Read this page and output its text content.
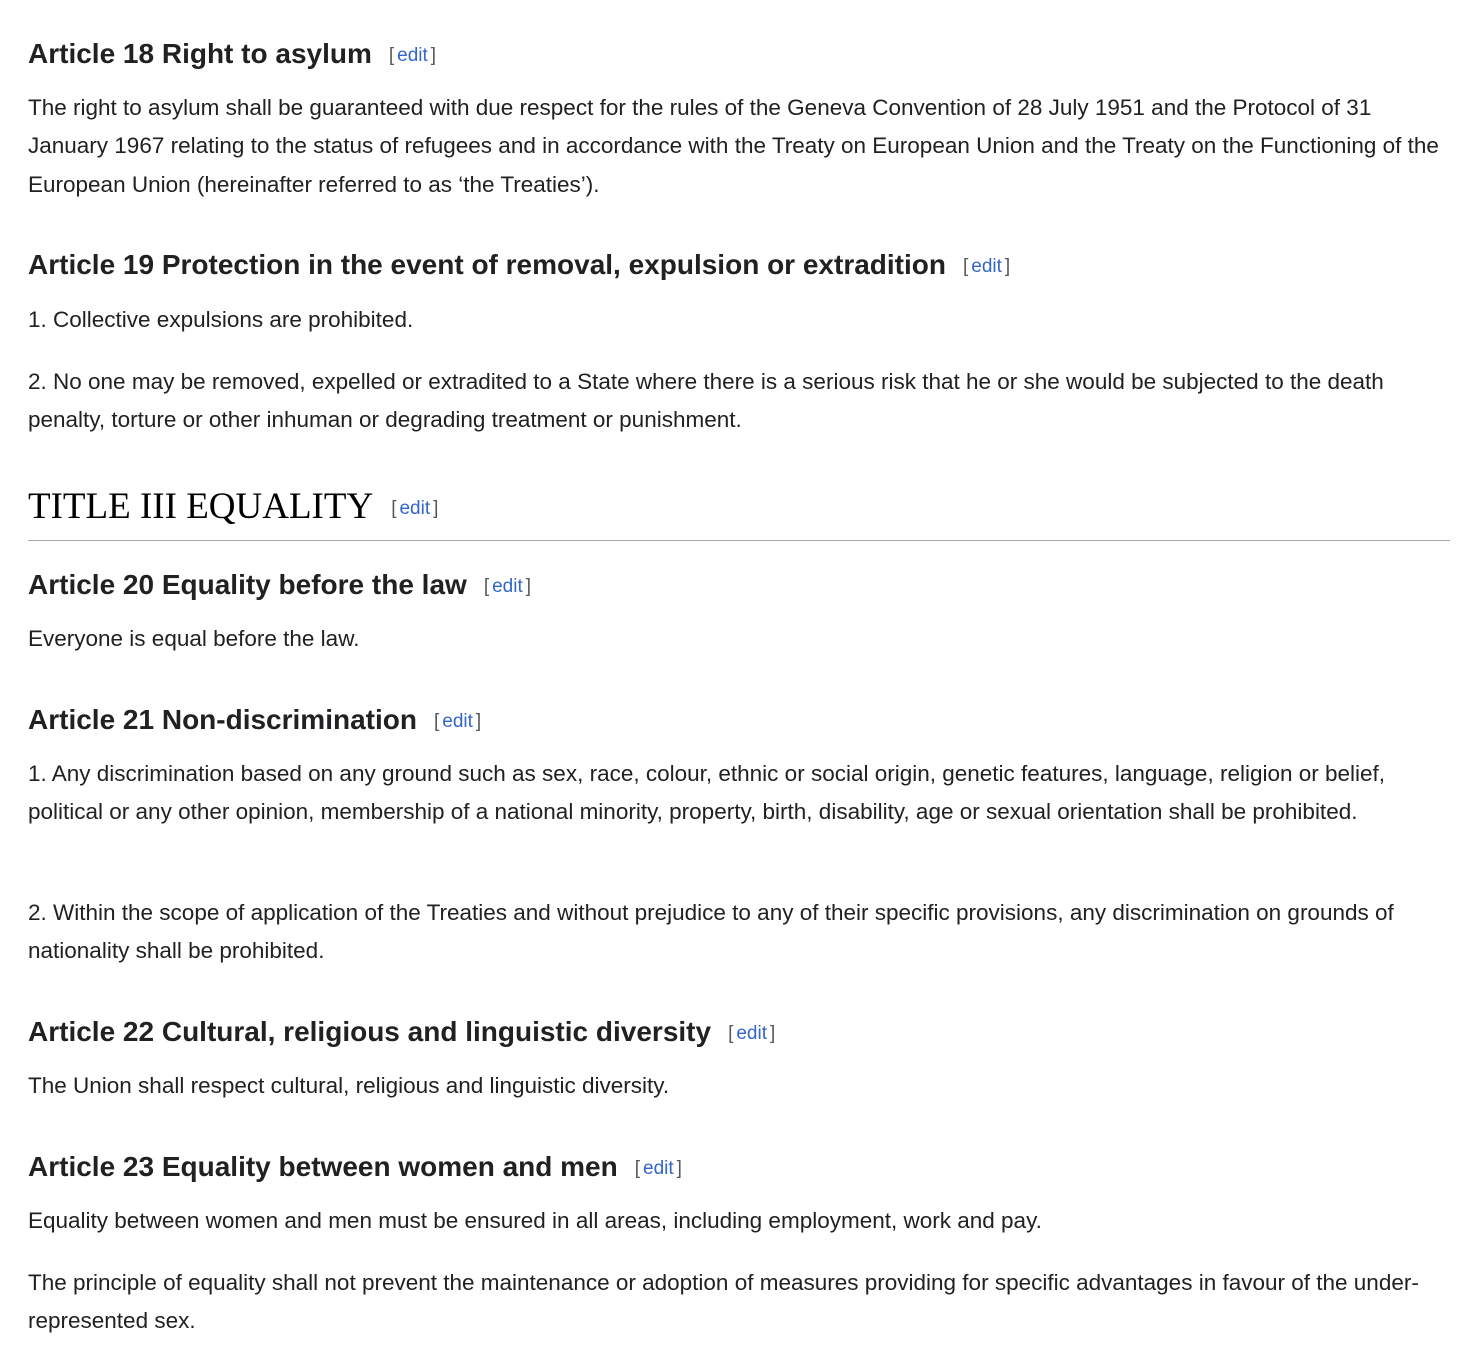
Article 18 Right to asylum [ edit ]

The right to asylum shall be guaranteed with due respect for the rules of the Geneva Convention of 28 July 1951 and the Protocol of 31 January 1967 relating to the status of refugees and in accordance with the Treaty on European Union and the Treaty on the Functioning of the European Union (hereinafter referred to as ‘the Treaties’).

Article 19 Protection in the event of removal, expulsion or extradition [ edit ]

1. Collective expulsions are prohibited.

2. No one may be removed, expelled or extradited to a State where there is a serious risk that he or she would be subjected to the death penalty, torture or other inhuman or degrading treatment or punishment.

TITLE III EQUALITY [ edit ]
Article 20 Equality before the law [ edit ]

Everyone is equal before the law.

Article 21 Non-discrimination [ edit ]

1. Any discrimination based on any ground such as sex, race, colour, ethnic or social origin, genetic features, language, religion or belief, political or any other opinion, membership of a national minority, property, birth, disability, age or sexual orientation shall be prohibited.

2. Within the scope of application of the Treaties and without prejudice to any of their specific provisions, any discrimination on grounds of nationality shall be prohibited.

Article 22 Cultural, religious and linguistic diversity [ edit ]

The Union shall respect cultural, religious and linguistic diversity.

Article 23 Equality between women and men [ edit ]

Equality between women and men must be ensured in all areas, including employment, work and pay.

The principle of equality shall not prevent the maintenance or adoption of measures providing for specific advantages in favour of the under-represented sex.
